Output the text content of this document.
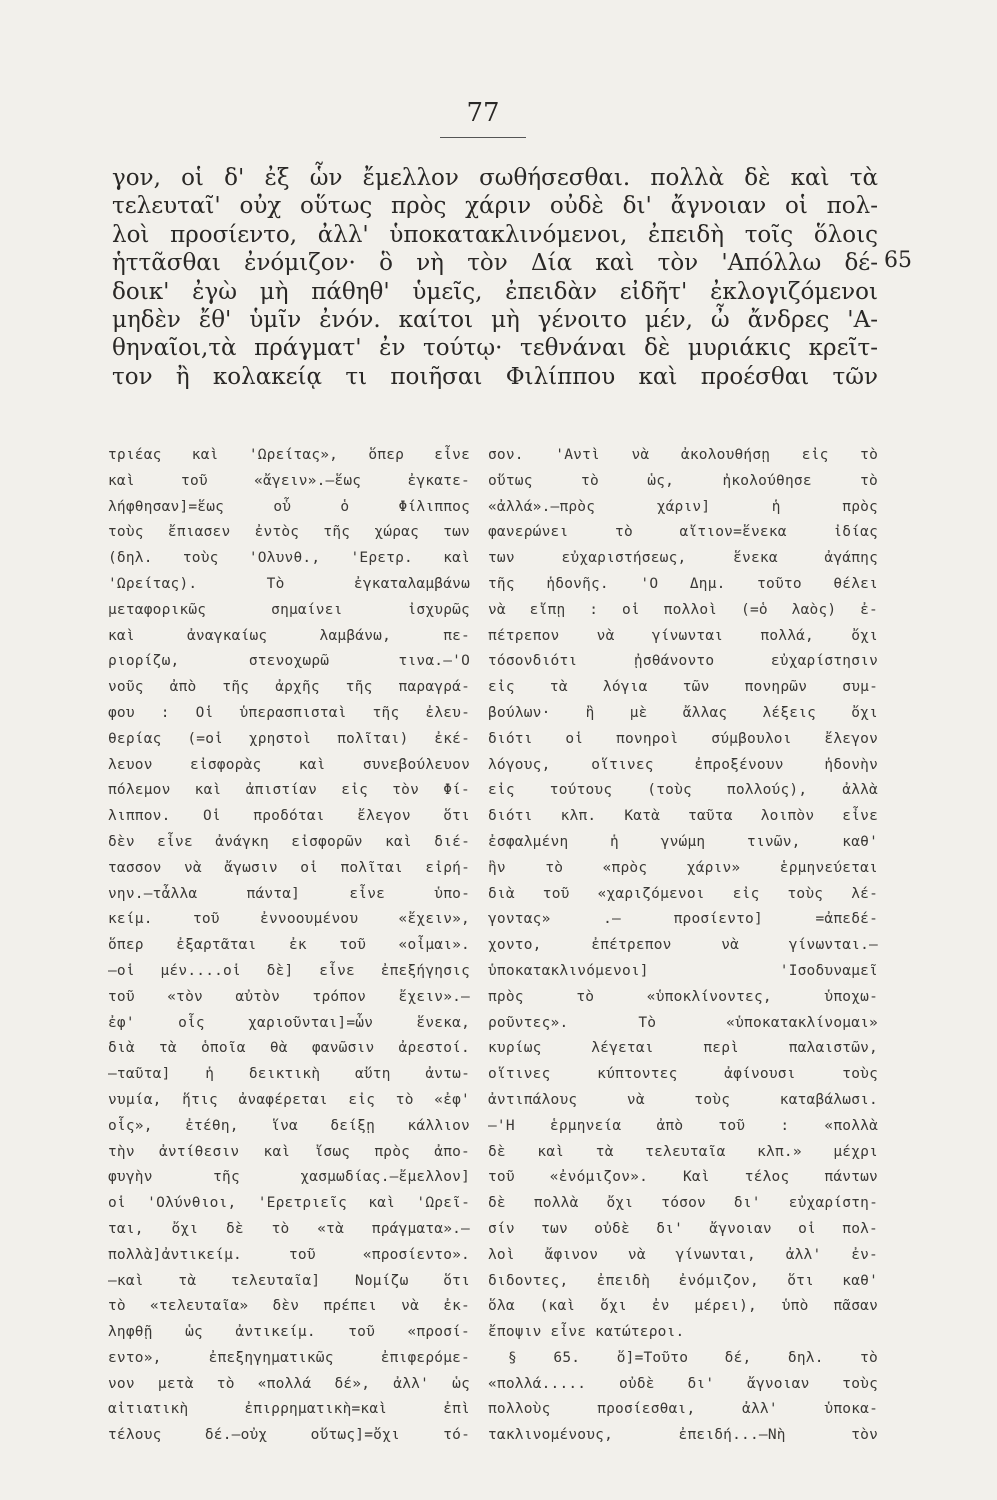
77
γον, οἱ δ' ἐξ ὧν ἔμελλον σωθήσεσθαι. πολλὰ δὲ καὶ τὰ
τελευταῖ' οὐχ οὕτως πρὸς χάριν οὐδὲ δι' ἄγνοιαν οἱ πολ-
λοὶ προσίεντο, ἀλλ' ὑποκατακλινόμενοι, ἐπειδὴ τοῖς ὅλοις
ἡττᾶσθαι ἐνόμιζον· ὃ νὴ τὸν Δία καὶ τὸν 'Απόλλω δέ-
δοικ' ἐγὼ μὴ πάθηθ' ὑμεῖς, ἐπειδὰν εἰδῆτ' ἐκλογιζόμενοι
μηδὲν ἔθ' ὑμῖν ἐνόν. καίτοι μὴ γένοιτο μέν, ὦ ἄνδρες 'Α-
θηναῖοι,τὰ πράγματ' ἐν τούτῳ· τεθνάναι δὲ μυριάκις κρεῖτ-
τον ἢ κολακείᾳ τι ποιῆσαι Φιλίππου καὶ προέσθαι τῶν
65
τριέας καὶ 'Ωρείτας», ὅπερ εἶνε
καὶ τοῦ «ἄγειν».—ἕως ἐγκατε-
λήφθησαν]=ἕως οὗ ὁ Φίλιππος
τοὺς ἔπιασεν ἐντὸς τῆς χώρας των
(δηλ. τοὺς 'Ολυνθ., 'Ερετρ. καὶ
'Ωρείτας). Τὸ ἐγκαταλαμβάνω
μεταφορικῶς σημαίνει ἰσχυρῶς
καὶ ἀναγκαίως λαμβάνω, πε-
ριορίζω, στενοχωρῶ τινα.—'Ο
νοῦς ἀπὸ τῆς ἀρχῆς τῆς παραγρά-
φου : Οἱ ὑπερασπισταὶ τῆς ἐλευ-
θερίας (=οἱ χρηστοὶ πολῖται) ἐκέ-
λευον εἰσφορὰς καὶ συνεβούλευον
πόλεμον καὶ ἀπιστίαν εἰς τὸν Φί-
λιππον. Οἱ προδόται ἔλεγον ὅτι
δὲν εἶνε ἀνάγκη εἰσφορῶν καὶ διέ-
τασσον νὰ ἄγωσιν οἱ πολῖται εἰρή-
νην.—τἆλλα πάντα] εἶνε ὑπο-
κείμ. τοῦ ἐννοουμένου «ἔχειν»,
ὅπερ ἐξαρτᾶται ἐκ τοῦ «οἶμαι».
—οἱ μέν....οἱ δὲ] εἶνε ἐπεξήγησις
τοῦ «τὸν αὐτὸν τρόπον ἔχειν».—
ἐφ' οἷς χαριοῦνται]=ὧν ἕνεκα,
διὰ τὰ ὁποῖα θὰ φανῶσιν ἀρεστοί.
—ταῦτα] ἡ δεικτικὴ αὕτη ἀντω-
νυμία, ἥτις ἀναφέρεται εἰς τὸ «ἐφ'
οἷς», ἐτέθη, ἵνα δείξῃ κάλλιον
τὴν ἀντίθεσιν καὶ ἴσως πρὸς ἀπο-
φυγὴν τῆς χασμωδίας.—ἔμελλον]
οἱ 'Ολύνθιοι, 'Ερετριεῖς καὶ 'Ωρεῖ-
ται, ὄχι δὲ τὸ «τὰ πράγματα».—
πολλὰ]ἀντικείμ. τοῦ «προσίεντο».
—καὶ τὰ τελευταῖα] Νομίζω ὅτι
τὸ «τελευταῖα» δὲν πρέπει νὰ ἐκ-
ληφθῇ ὡς ἀντικείμ. τοῦ «προσί-
εντο», ἐπεξηγηματικῶς ἐπιφερόμε-
νον μετὰ τὸ «πολλά δέ», ἀλλ' ὡς
αἰτιατικὴ ἐπιρρηματικὴ=καὶ ἐπὶ
τέλους δέ.—οὐχ οὕτως]=ὄχι τό-
σον. 'Αντὶ νὰ ἀκολουθήσῃ εἰς τὸ
οὕτως τὸ ὡς, ἠκολούθησε τὸ
«ἀλλά».—πρὸς χάριν] ἡ πρὸς
φανερώνει τὸ αἴτιον=ἕνεκα ἰδίας
των εὐχαριστήσεως, ἕνεκα ἀγάπης
τῆς ἡδονῆς. 'Ο Δημ. τοῦτο θέλει
νὰ εἴπῃ : οἱ πολλοὶ (=ὁ λαὸς) ἐ-
πέτρεπον νὰ γίνωνται πολλά, ὄχι
τόσονδιότι ᾐσθάνοντο εὐχαρίστησιν
εἰς τὰ λόγια τῶν πονηρῶν συμ-
βούλων· ἢ μὲ ἄλλας λέξεις ὄχι
διότι οἱ πονηροὶ σύμβουλοι ἔλεγον
λόγους, οἵτινες ἐπροξένουν ἡδονὴν
εἰς τούτους (τοὺς πολλούς), ἀλλὰ
διότι κλπ. Κατὰ ταῦτα λοιπὸν εἶνε
ἐσφαλμένη ἡ γνώμη τινῶν, καθ'
ἣν τὸ «πρὸς χάριν» ἑρμηνεύεται
διὰ τοῦ «χαριζόμενοι εἰς τοὺς λέ-
γοντας» .— προσίεντο] =ἀπεδέ-
χοντο, ἐπέτρεπον νὰ γίνωνται.—
ὑποκατακλινόμενοι] 'Ισοδυναμεῖ
πρὸς τὸ «ὑποκλίνοντες, ὑποχω-
ροῦντες». Τὸ «ὑποκατακλίνομαι»
κυρίως λέγεται περὶ παλαιστῶν,
οἵτινες κύπτοντες ἀφίνουσι τοὺς
ἀντιπάλους νὰ τοὺς καταβάλωσι.
—'Η ἑρμηνεία ἀπὸ τοῦ : «πολλὰ
δὲ καὶ τὰ τελευταῖα κλπ.» μέχρι
τοῦ «ἐνόμιζον». Καὶ τέλος πάντων
δὲ πολλὰ ὄχι τόσον δι' εὐχαρίστη-
σίν των οὐδὲ δι' ἄγνοιαν οἱ πολ-
λοὶ ἄφινον νὰ γίνωνται, ἀλλ' ἐν-
διδοντες, ἐπειδὴ ἐνόμιζον, ὅτι καθ'
ὅλα (καὶ ὄχι ἐν μέρει), ὑπὸ πᾶσαν
ἔποψιν εἶνε κατώτεροι.
§ 65. ὅ]=Τοῦτο δέ, δηλ. τὸ
«πολλά..... οὐδὲ δι' ἄγνοιαν τοὺς
πολλοὺς προσίεσθαι, ἀλλ' ὑποκα-
τακλινομένους, ἐπειδή...—Νὴ τὸν
